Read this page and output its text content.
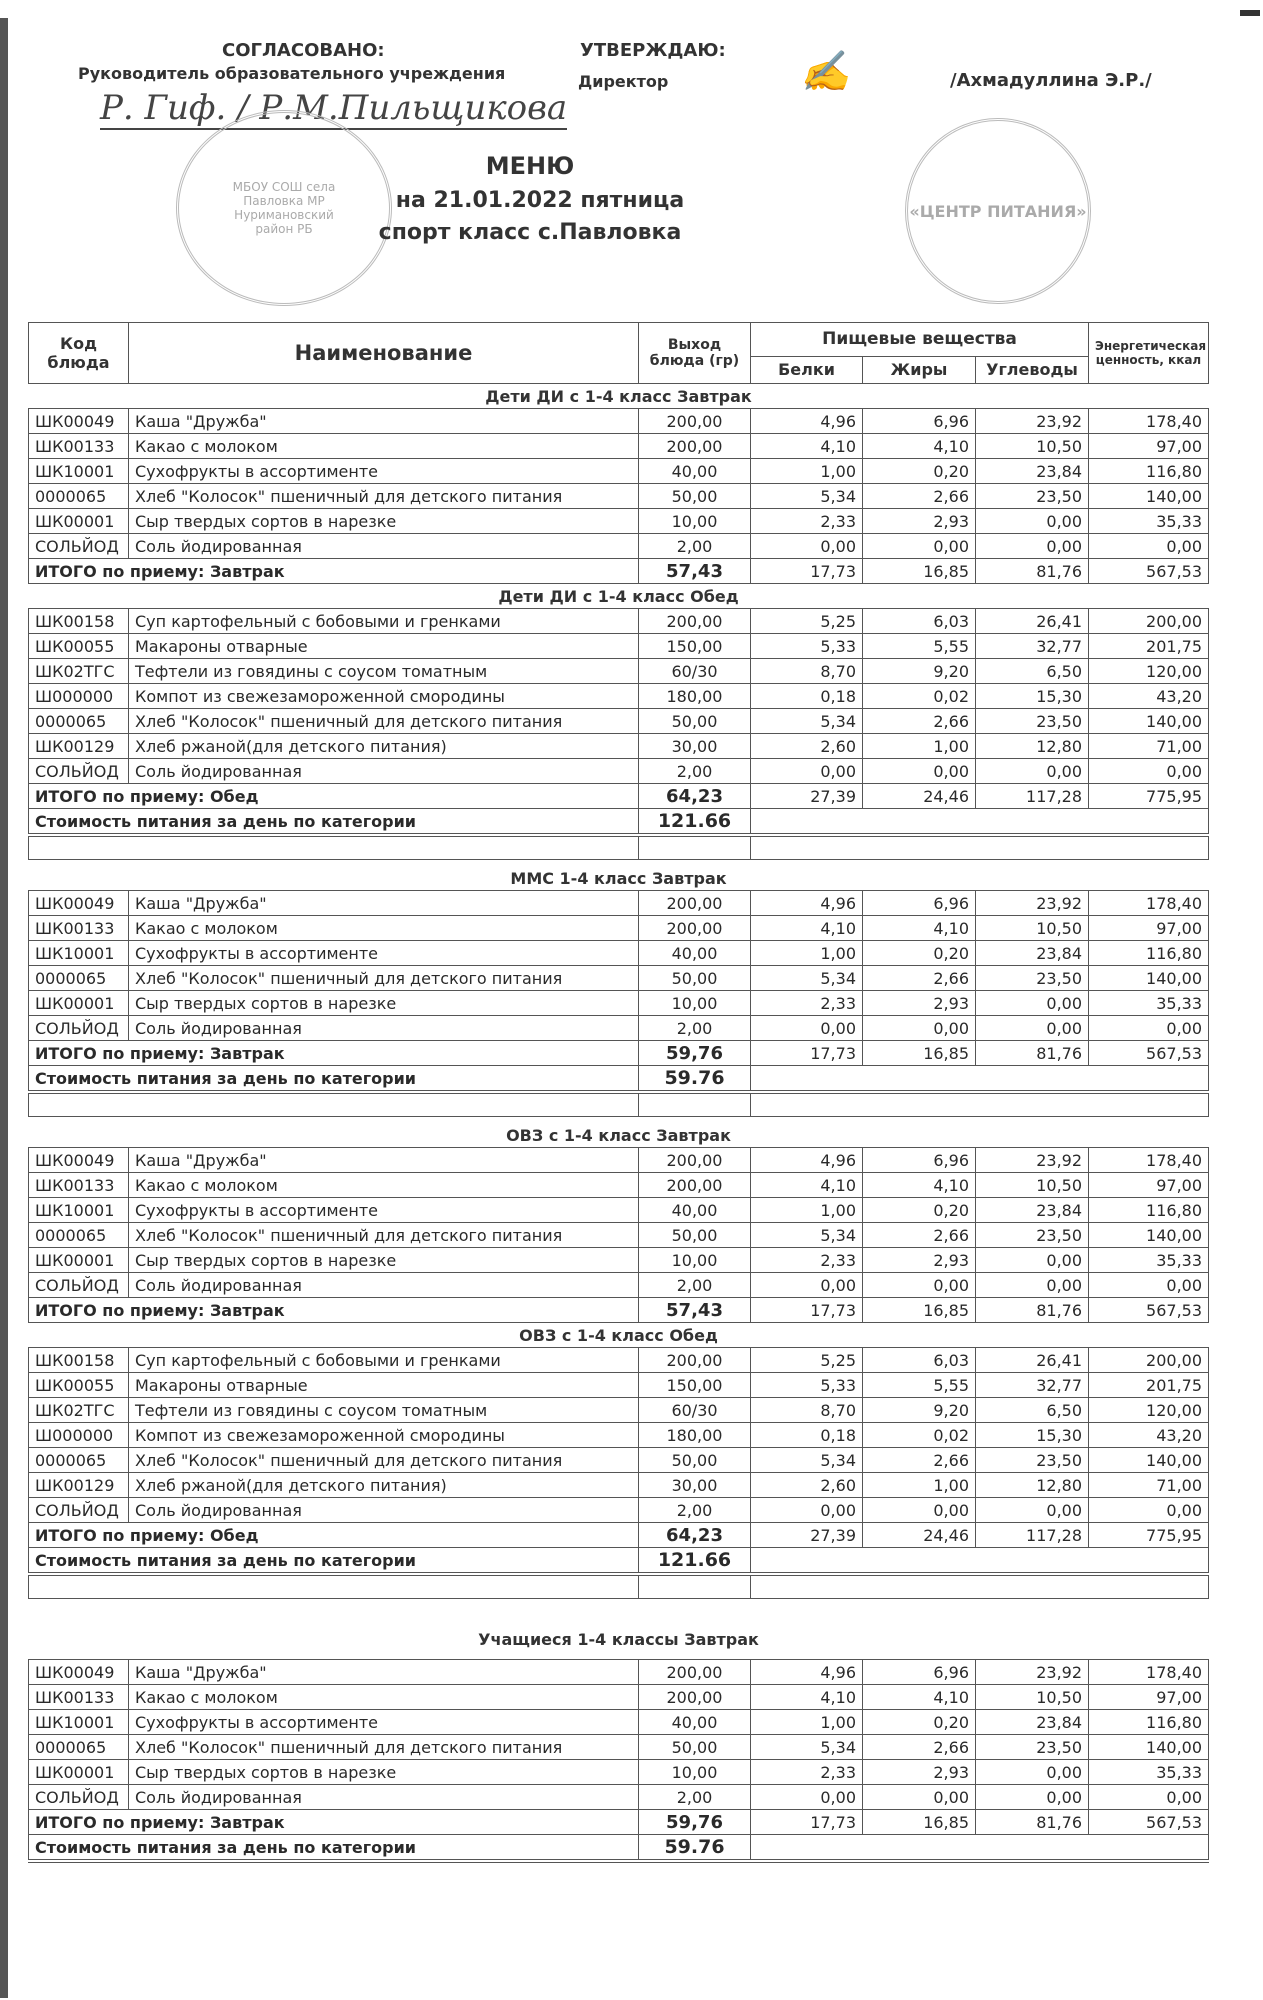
СОГЛАСОВАНО:
Руководитель образовательного учреждения
Р. Гиф. / Р.М.Пильщикова
УТВЕРЖДАЮ:
Директор	✍	/Ахмадуллина Э.Р./
МБОУ СОШ села Павловка МР Нуримановский район РБ
«ЦЕНТР ПИТАНИЯ»
МЕНЮ
на 21.01.2022 пятница
спорт класс с.Павловка
Код блюда	Наименование	Выход блюда (гр)	Пищевые вещества			Энергетическая ценность, ккал
			Белки	Жиры	Углеводы	
Дети ДИ с 1-4 класс Завтрак						
ШК00049	Каша "Дружба"	200,00	4,96	6,96	23,92	178,40
ШК00133	Какао с молоком	200,00	4,10	4,10	10,50	97,00
ШК10001	Сухофрукты в ассортименте	40,00	1,00	0,20	23,84	116,80
0000065	Хлеб "Колосок" пшеничный для детского питания	50,00	5,34	2,66	23,50	140,00
ШК00001	Сыр твердых сортов в нарезке	10,00	2,33	2,93	0,00	35,33
СОЛЬЙОД	Соль йодированная	2,00	0,00	0,00	0,00	0,00
ИТОГО по приему: Завтрак		57,43	17,73	16,85	81,76	567,53
Дети ДИ с 1-4 класс Обед						
ШК00158	Суп картофельный с бобовыми и гренками	200,00	5,25	6,03	26,41	200,00
ШК00055	Макароны отварные	150,00	5,33	5,55	32,77	201,75
ШК02ТГС	Тефтели из говядины с соусом томатным	60/30	8,70	9,20	6,50	120,00
Ш000000	Компот из свежезамороженной смородины	180,00	0,18	0,02	15,30	43,20
0000065	Хлеб "Колосок" пшеничный для детского питания	50,00	5,34	2,66	23,50	140,00
ШК00129	Хлеб ржаной(для детского питания)	30,00	2,60	1,00	12,80	71,00
СОЛЬЙОД	Соль йодированная	2,00	0,00	0,00	0,00	0,00
ИТОГО по приему: Обед		64,23	27,39	24,46	117,28	775,95
Стоимость питания за день по категории		121.66				

ММС 1-4 класс Завтрак						
ШК00049	Каша "Дружба"	200,00	4,96	6,96	23,92	178,40
ШК00133	Какао с молоком	200,00	4,10	4,10	10,50	97,00
ШК10001	Сухофрукты в ассортименте	40,00	1,00	0,20	23,84	116,80
0000065	Хлеб "Колосок" пшеничный для детского питания	50,00	5,34	2,66	23,50	140,00
ШК00001	Сыр твердых сортов в нарезке	10,00	2,33	2,93	0,00	35,33
СОЛЬЙОД	Соль йодированная	2,00	0,00	0,00	0,00	0,00
ИТОГО по приему: Завтрак		59,76	17,73	16,85	81,76	567,53
Стоимость питания за день по категории		59.76				

ОВЗ с 1-4 класс Завтрак						
ШК00049	Каша "Дружба"	200,00	4,96	6,96	23,92	178,40
ШК00133	Какао с молоком	200,00	4,10	4,10	10,50	97,00
ШК10001	Сухофрукты в ассортименте	40,00	1,00	0,20	23,84	116,80
0000065	Хлеб "Колосок" пшеничный для детского питания	50,00	5,34	2,66	23,50	140,00
ШК00001	Сыр твердых сортов в нарезке	10,00	2,33	2,93	0,00	35,33
СОЛЬЙОД	Соль йодированная	2,00	0,00	0,00	0,00	0,00
ИТОГО по приему: Завтрак		57,43	17,73	16,85	81,76	567,53
ОВЗ с 1-4 класс Обед						
ШК00158	Суп картофельный с бобовыми и гренками	200,00	5,25	6,03	26,41	200,00
ШК00055	Макароны отварные	150,00	5,33	5,55	32,77	201,75
ШК02ТГС	Тефтели из говядины с соусом томатным	60/30	8,70	9,20	6,50	120,00
Ш000000	Компот из свежезамороженной смородины	180,00	0,18	0,02	15,30	43,20
0000065	Хлеб "Колосок" пшеничный для детского питания	50,00	5,34	2,66	23,50	140,00
ШК00129	Хлеб ржаной(для детского питания)	30,00	2,60	1,00	12,80	71,00
СОЛЬЙОД	Соль йодированная	2,00	0,00	0,00	0,00	0,00
ИТОГО по приему: Обед		64,23	27,39	24,46	117,28	775,95
Стоимость питания за день по категории		121.66				

Учащиеся 1-4 классы Завтрак						
ШК00049	Каша "Дружба"	200,00	4,96	6,96	23,92	178,40
ШК00133	Какао с молоком	200,00	4,10	4,10	10,50	97,00
ШК10001	Сухофрукты в ассортименте	40,00	1,00	0,20	23,84	116,80
0000065	Хлеб "Колосок" пшеничный для детского питания	50,00	5,34	2,66	23,50	140,00
ШК00001	Сыр твердых сортов в нарезке	10,00	2,33	2,93	0,00	35,33
СОЛЬЙОД	Соль йодированная	2,00	0,00	0,00	0,00	0,00
ИТОГО по приему: Завтрак		59,76	17,73	16,85	81,76	567,53
Стоимость питания за день по категории		59.76				
